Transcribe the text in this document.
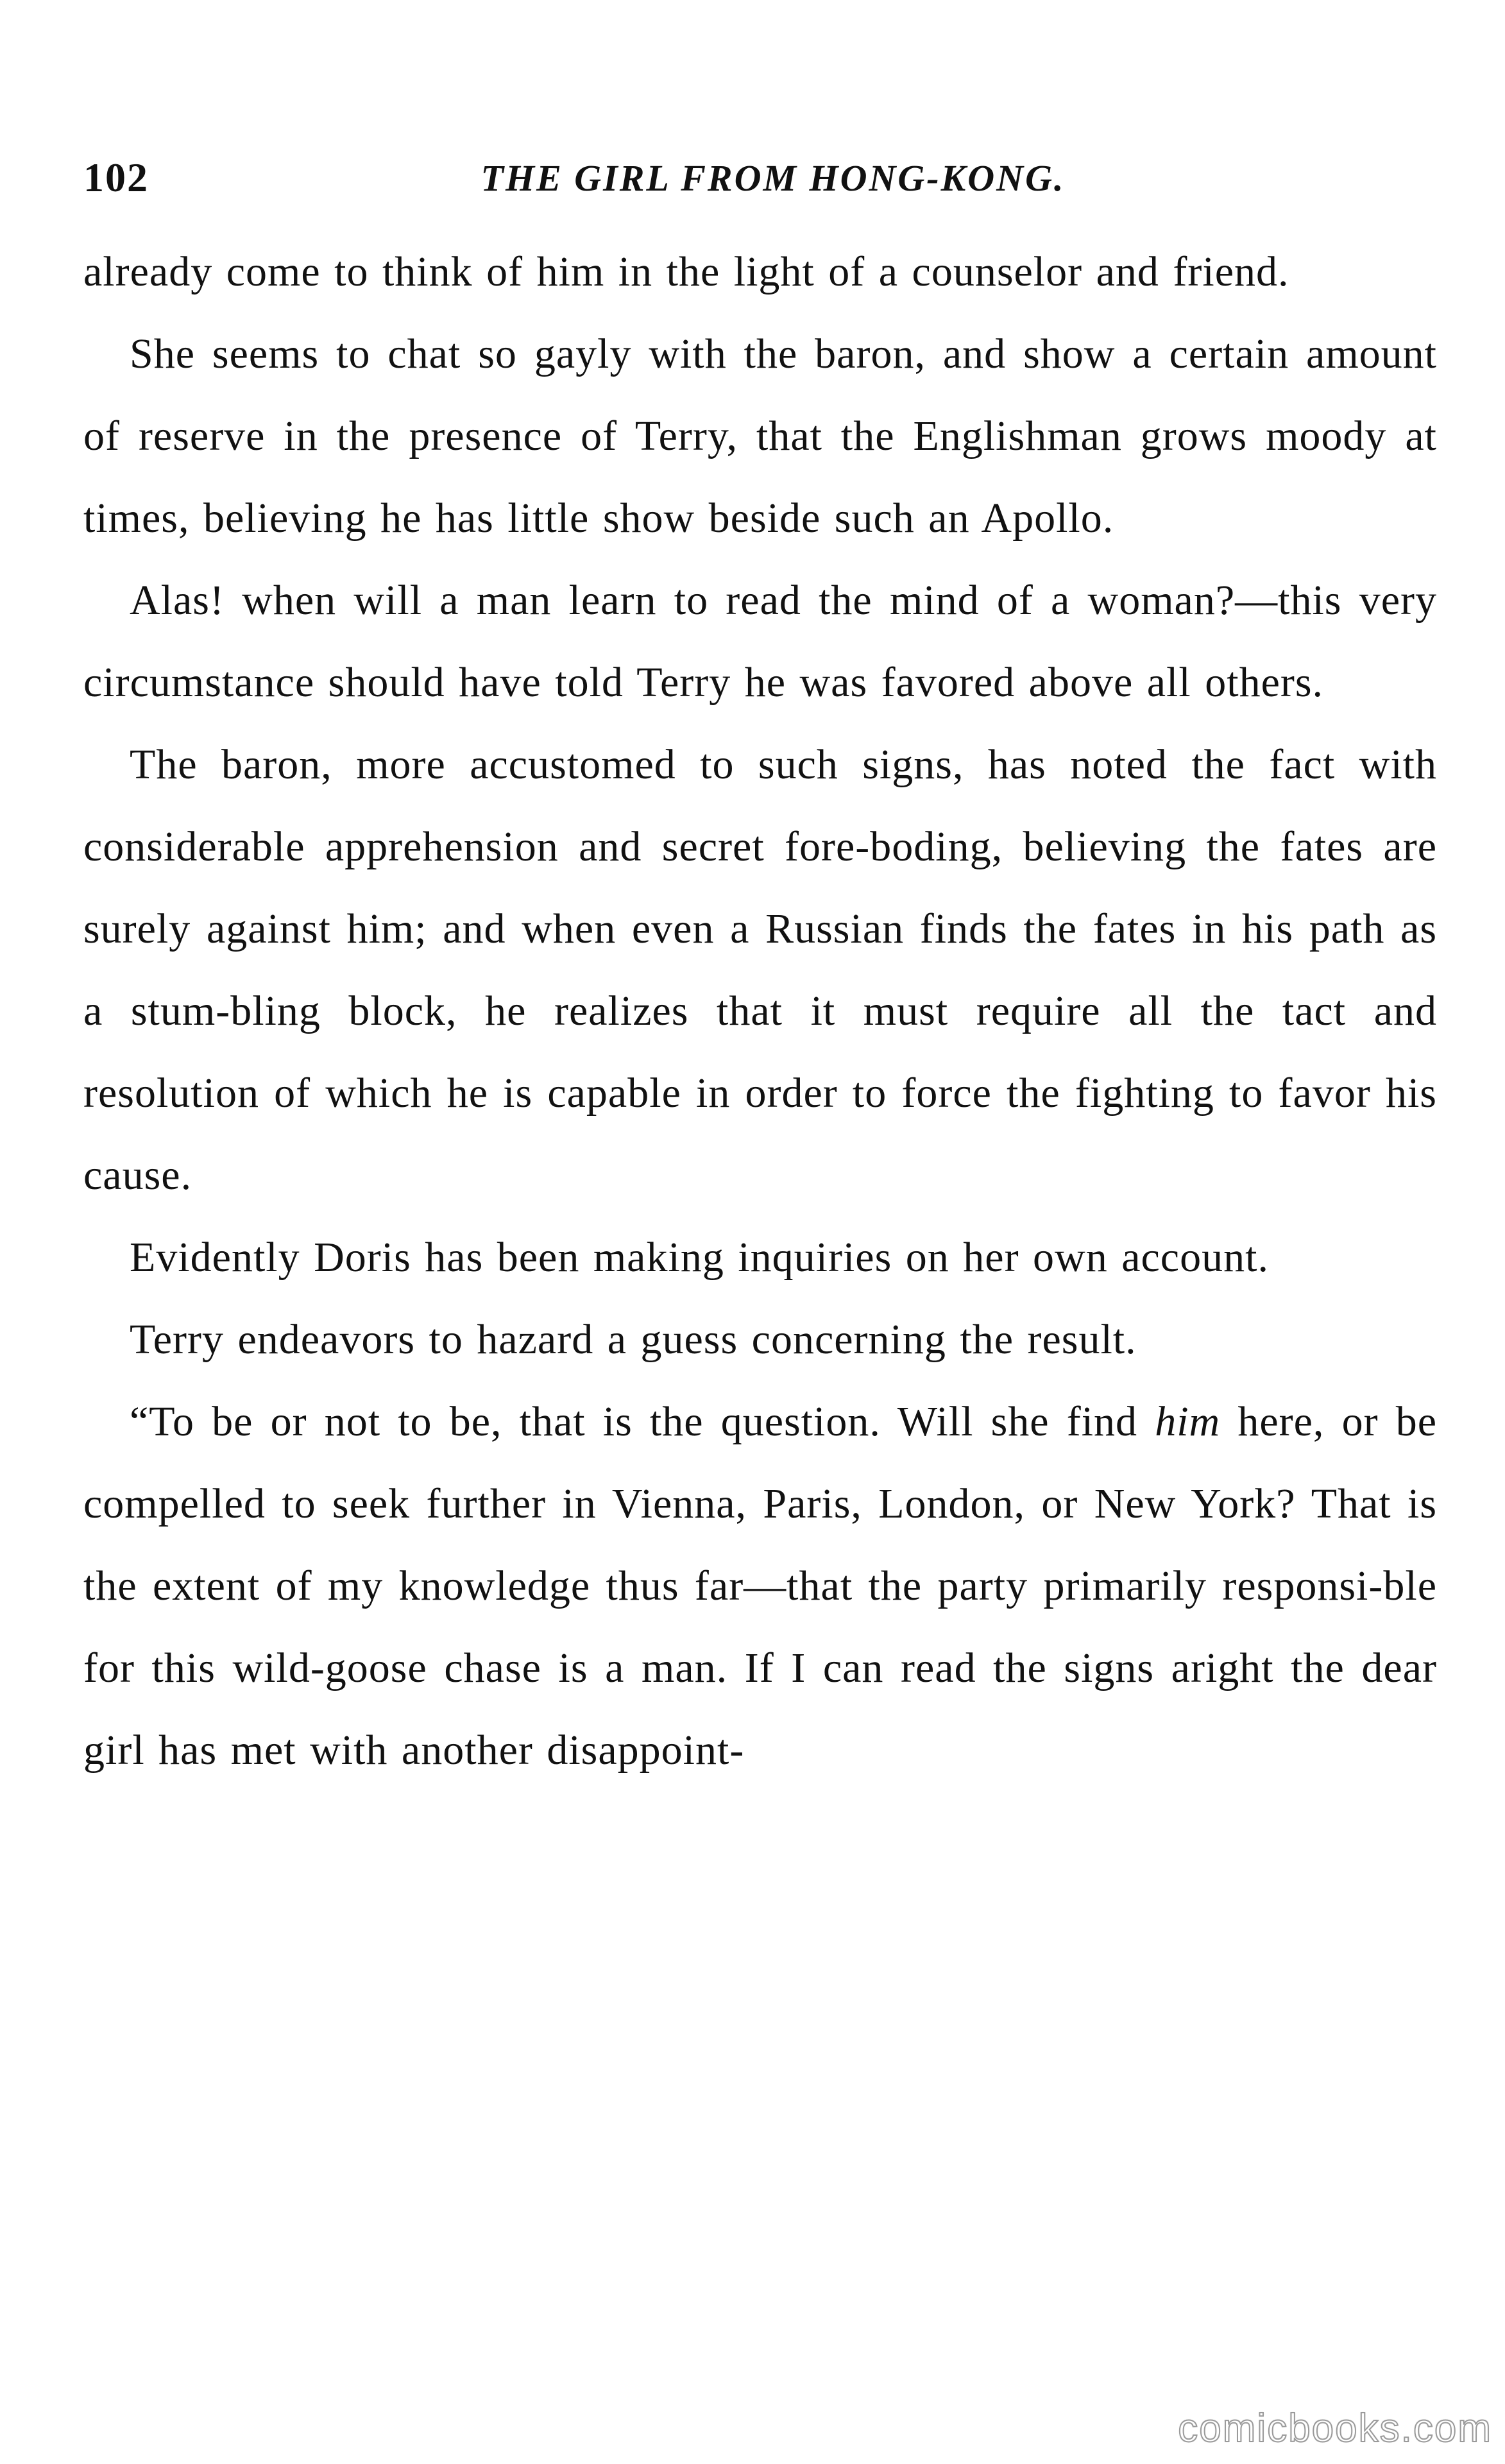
102	THE GIRL FROM HONG-KONG.

already come to think of him in the light of a counselor and friend.

She seems to chat so gayly with the baron, and show a certain amount of reserve in the presence of Terry, that the Englishman grows moody at times, believing he has little show beside such an Apollo.

Alas! when will a man learn to read the mind of a woman?—this very circumstance should have told Terry he was favored above all others.

The baron, more accustomed to such signs, has noted the fact with considerable apprehension and secret fore-boding, believing the fates are surely against him; and when even a Russian finds the fates in his path as a stum-bling block, he realizes that it must require all the tact and resolution of which he is capable in order to force the fighting to favor his cause.

Evidently Doris has been making inquiries on her own account.

Terry endeavors to hazard a guess concerning the result.

“To be or not to be, that is the question. Will she find him here, or be compelled to seek further in Vienna, Paris, London, or New York? That is the extent of my knowledge thus far—that the party primarily responsi-ble for this wild-goose chase is a man. If I can read the signs aright the dear girl has met with another disappoint-

comicbooks.com
